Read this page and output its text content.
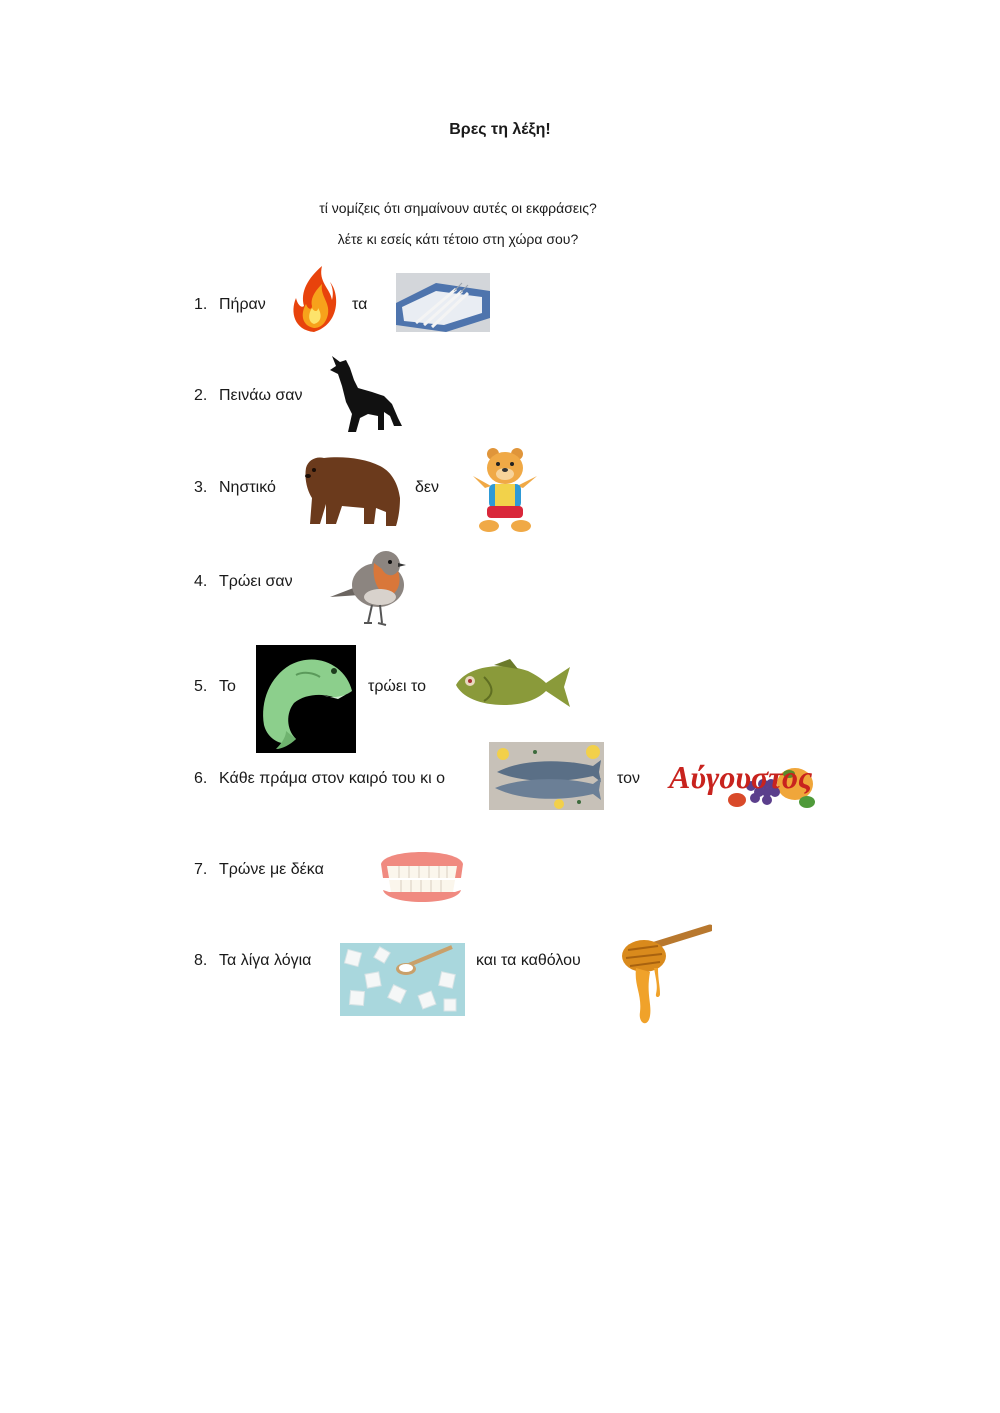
Βρες τη λέξη!
τί νομίζεις ότι σημαίνουν αυτές οι εκφράσεις?
λέτε κι εσείς κάτι τέτοιο στη χώρα σου?
1. Πήραν	τα
2. Πεινάω σαν
3. Νηστικό	δεν
4. Τρώει σαν
5. Το	τρώει το
6. Κάθε πράμα στον καιρό του κι ο	τον Αύγουστος
7. Τρώνε με δέκα
8. Τα λίγα λόγια	και τα καθόλου
